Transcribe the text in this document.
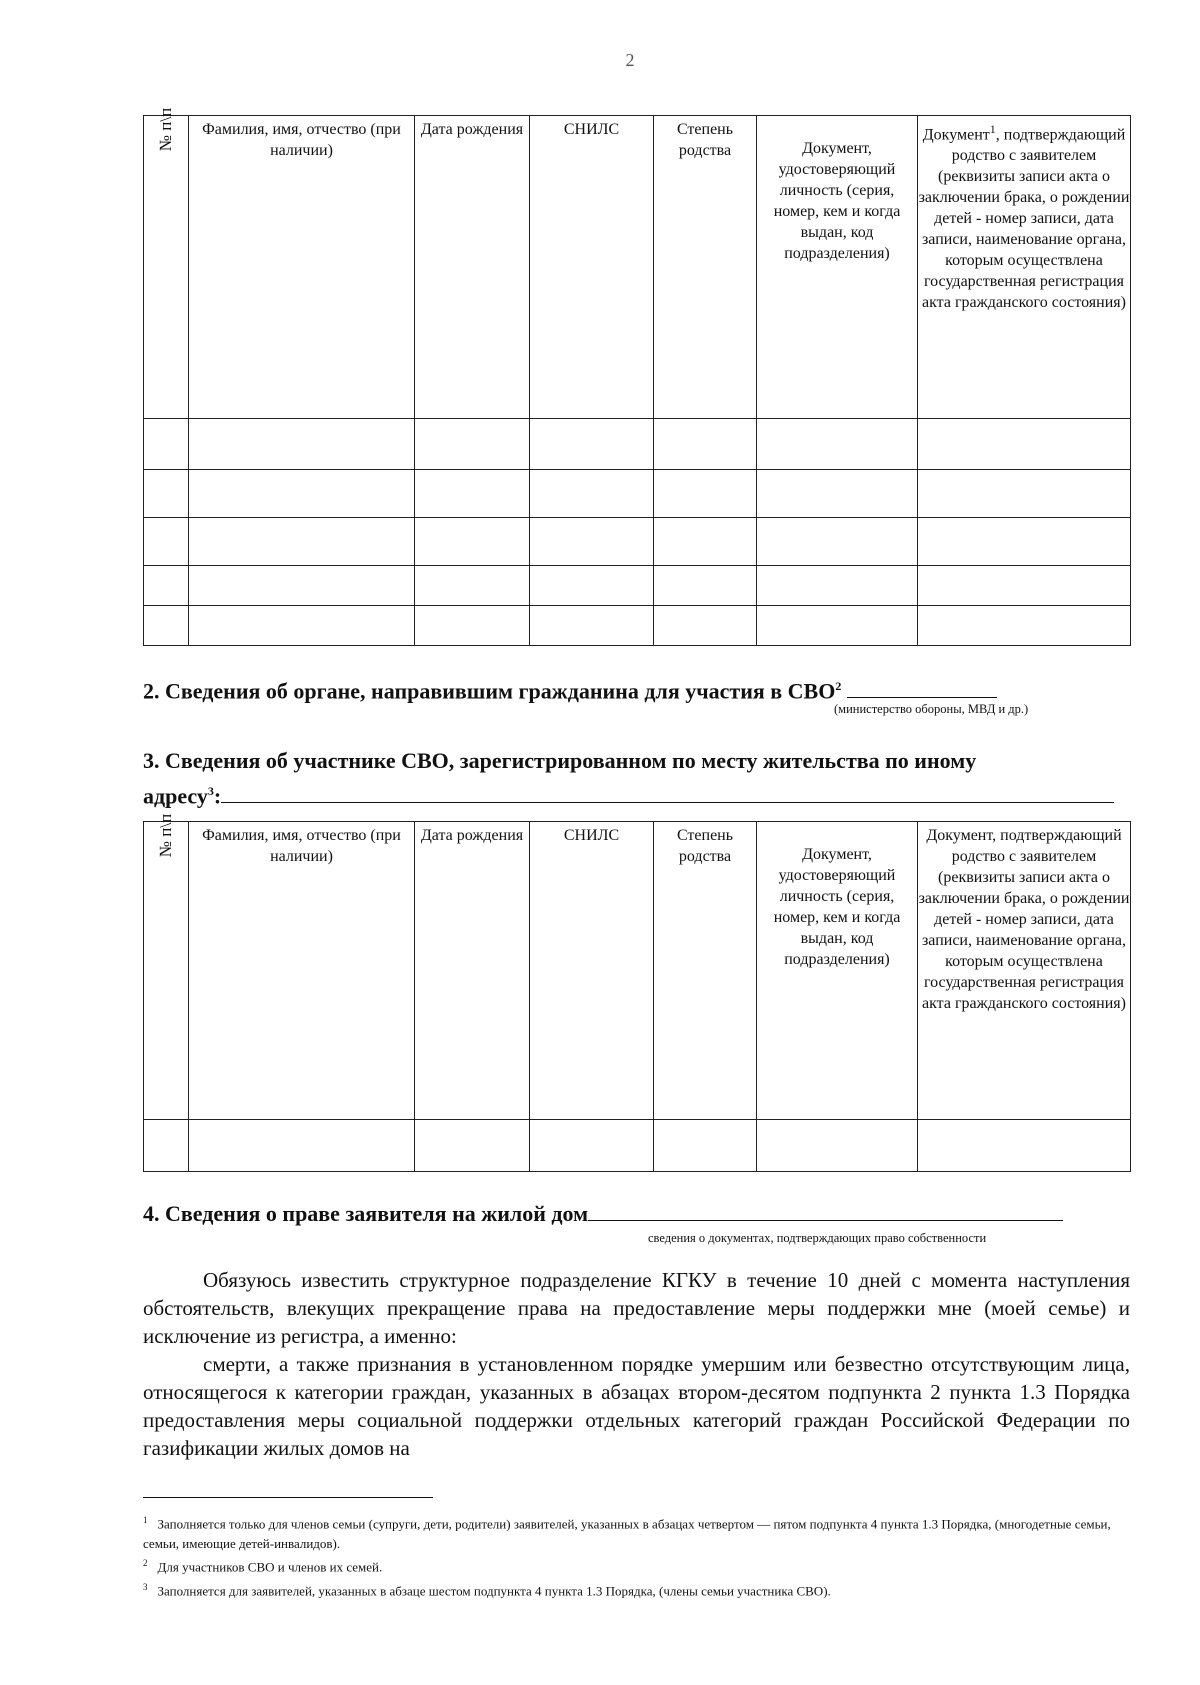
2
№ п\п	Фамилия, имя, отчество (при наличии)	Дата рождения	СНИЛС	Степень родства	Документ, удостоверяющий личность (серия, номер, кем и когда выдан, код подразделения)	Документ$^1$, подтверждающий родство с заявителем (реквизиты записи акта о заключении брака, о рождении детей - номер записи, дата записи, наименование органа, которым осуществлена государственная регистрация акта гражданского состояния)

2. Сведения об органе, направившим гражданина для участия в СВО$^2$
(министерство обороны, МВД и др.)
3. Сведения об участнике СВО, зарегистрированном по месту жительства по иному
адресу$^3$:
№ п\п	Фамилия, имя, отчество (при наличии)	Дата рождения	СНИЛС	Степень родства	Документ, удостоверяющий личность (серия, номер, кем и когда выдан, код подразделения)	Документ, подтверждающий родство с заявителем (реквизиты записи акта о заключении брака, о рождении детей - номер записи, дата записи, наименование органа, которым осуществлена государственная регистрация акта гражданского состояния)

4. Сведения о праве заявителя на жилой дом
сведения о документах, подтверждающих право собственности

Обязуюсь известить структурное подразделение КГКУ в течение 10 дней с момента наступления обстоятельств, влекущих прекращение права на предоставление меры поддержки мне (моей семье) и исключение из регистра, а именно:

смерти, а также признания в установленном порядке умершим или безвестно отсутствующим лица, относящегося к категории граждан, указанных в абзацах втором-десятом подпункта 2 пункта 1.3 Порядка предоставления меры социальной поддержки отдельных категорий граждан Российской Федерации по газификации жилых домов на

$^1$ Заполняется только для членов семьи (супруги, дети, родители) заявителей, указанных в абзацах четвертом — пятом подпункта 4 пункта 1.3 Порядка, (многодетные семьи, семьи, имеющие детей-инвалидов).
$^2$ Для участников СВО и членов их семей.
$^3$ Заполняется для заявителей, указанных в абзаце шестом подпункта 4 пункта 1.3 Порядка, (члены семьи участника СВО).
